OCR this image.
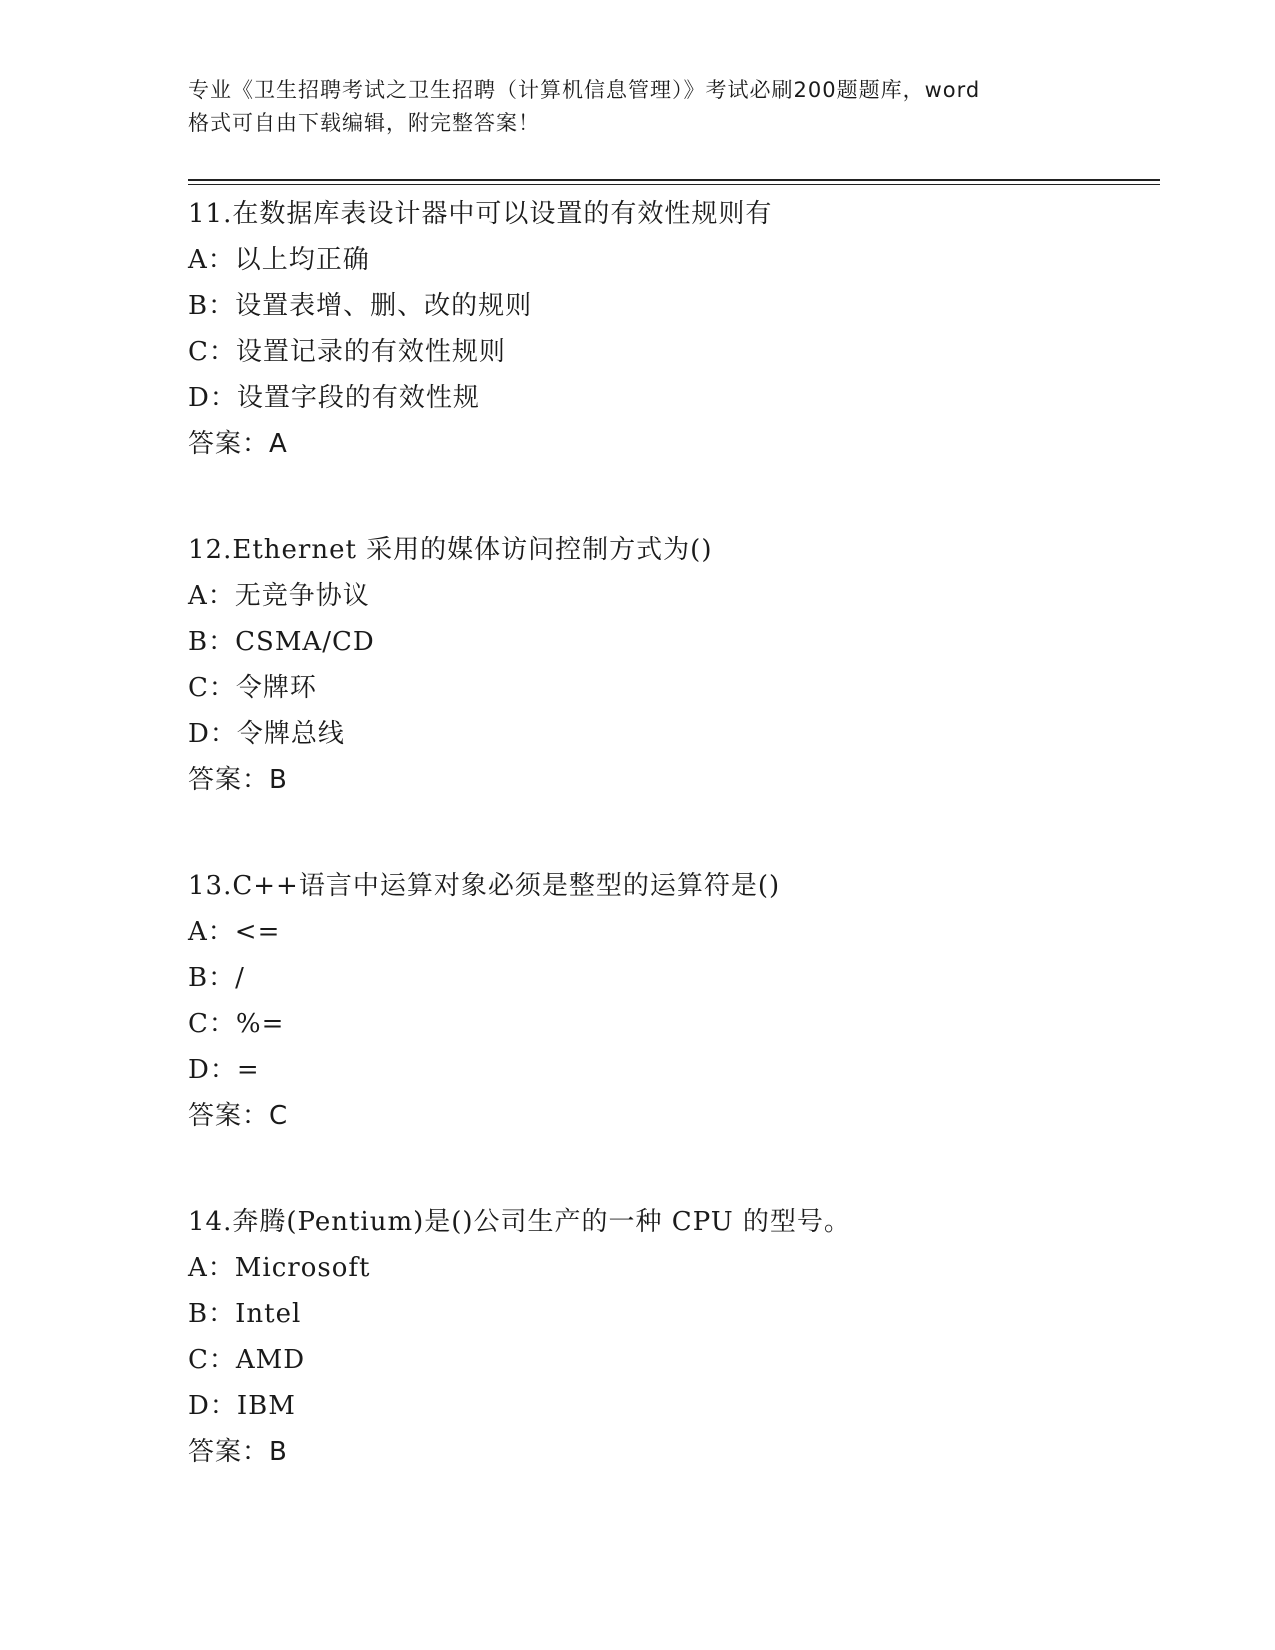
专业《卫生招聘考试之卫生招聘（计算机信息管理）》考试必刷200题题库，word
格式可自由下载编辑，附完整答案！
11.在数据库表设计器中可以设置的有效性规则有
A：以上均正确
B：设置表增、删、改的规则
C：设置记录的有效性规则
D：设置字段的有效性规
答案：A
12.Ethernet 采用的媒体访问控制方式为()
A：无竞争协议
B：CSMA/CD
C：令牌环
D：令牌总线
答案：B
13.C++语言中运算对象必须是整型的运算符是()
A：<=
B：/
C：%=
D：=
答案：C
14.奔腾(Pentium)是()公司生产的一种 CPU 的型号。
A：Microsoft
B：Intel
C：AMD
D：IBM
答案：B
